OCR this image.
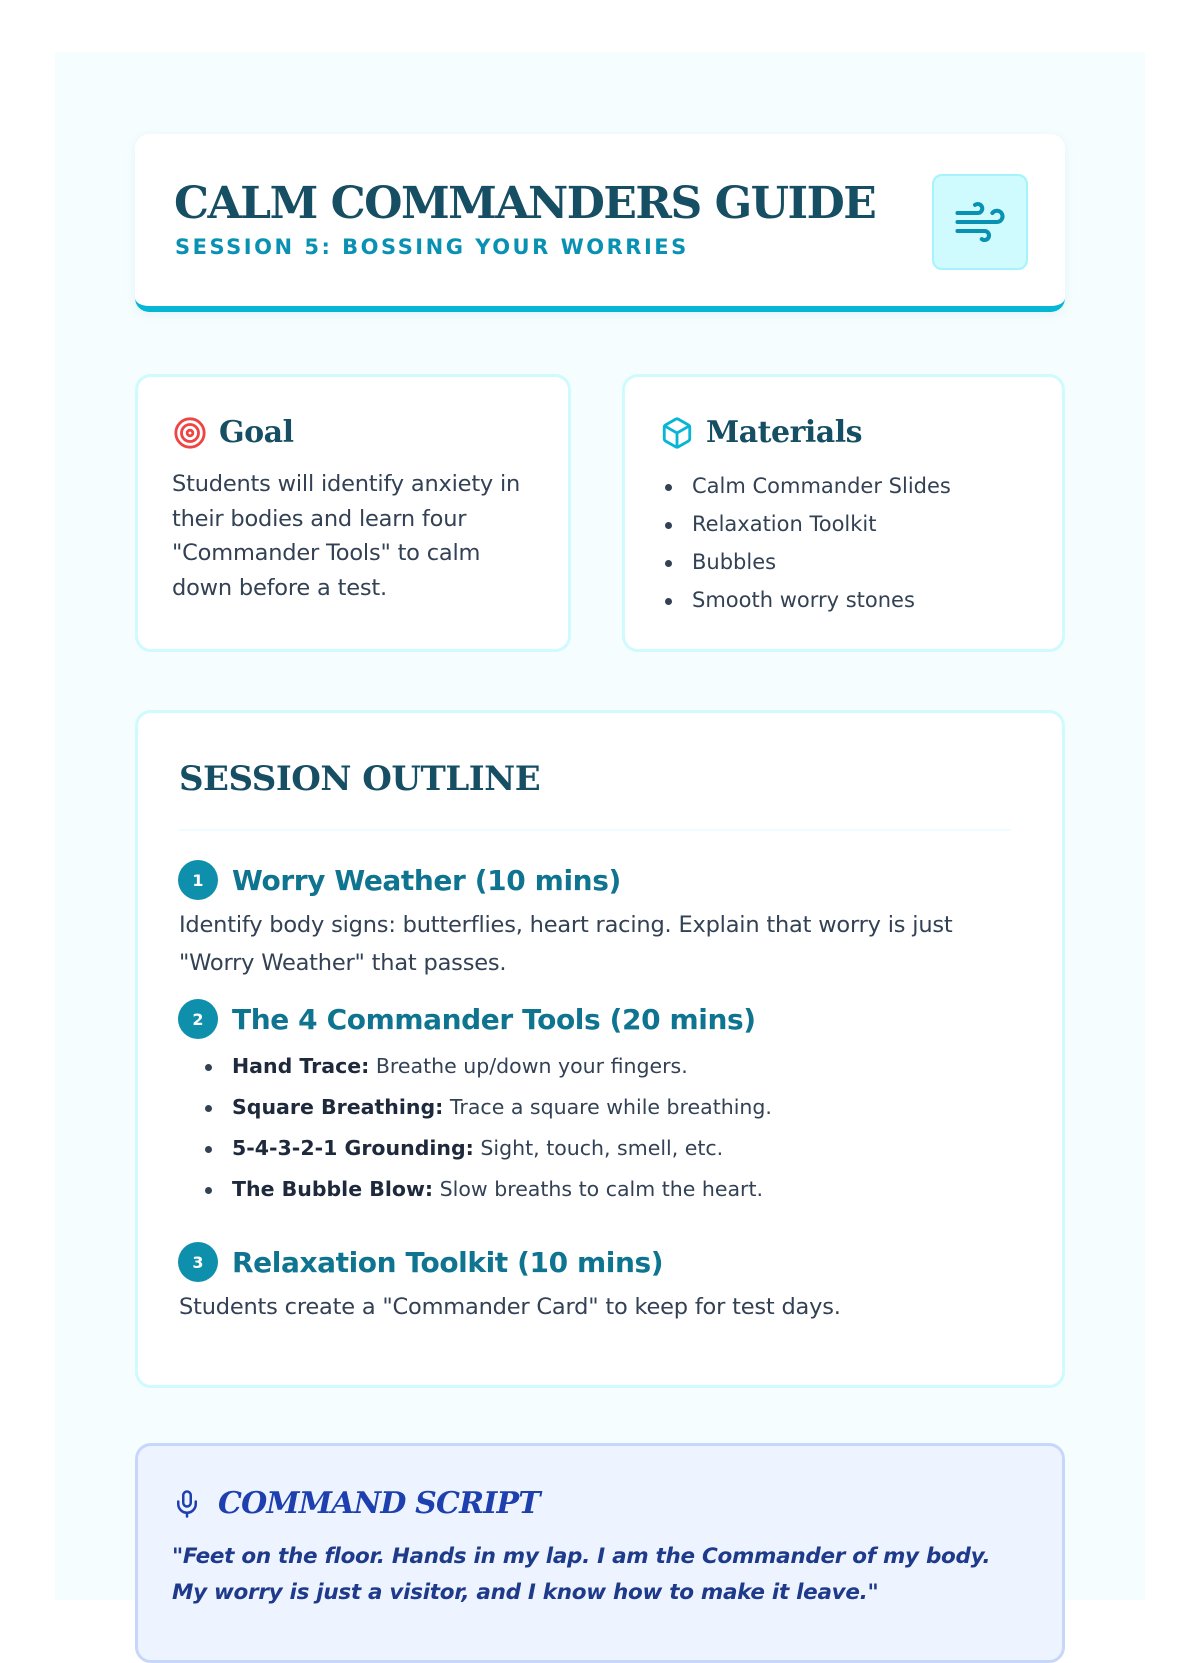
CALM COMMANDERS GUIDE
SESSION 5: BOSSING YOUR WORRIES
Goal
Students will identify anxiety in their bodies and learn four "Commander Tools" to calm down before a test.
Materials
Calm Commander Slides
Relaxation Toolkit
Bubbles
Smooth worry stones
SESSION OUTLINE
1	Worry Weather (10 mins)
Identify body signs: butterflies, heart racing. Explain that worry is just "Worry Weather" that passes.
2	The 4 Commander Tools (20 mins)
Hand Trace: Breathe up/down your fingers.
Square Breathing: Trace a square while breathing.
5-4-3-2-1 Grounding: Sight, touch, smell, etc.
The Bubble Blow: Slow breaths to calm the heart.
3	Relaxation Toolkit (10 mins)
Students create a "Commander Card" to keep for test days.
COMMAND SCRIPT
"Feet on the floor. Hands in my lap. I am the Commander of my body. My worry is just a visitor, and I know how to make it leave."
